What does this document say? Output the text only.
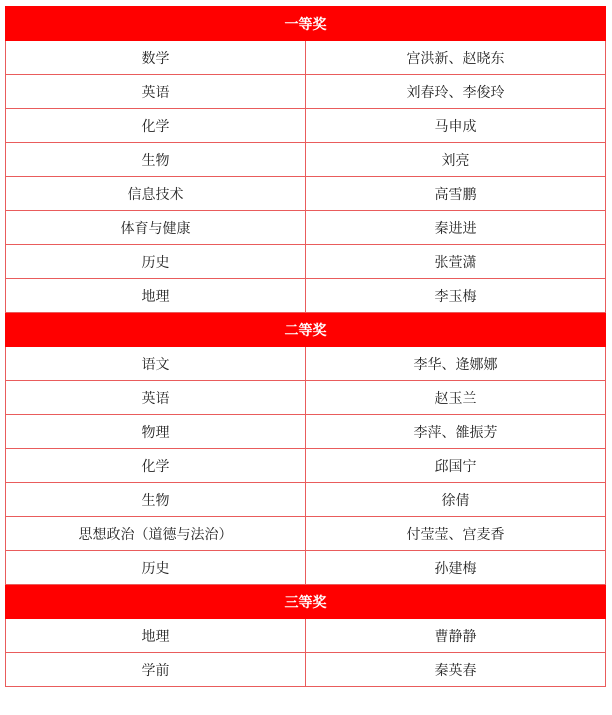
一等奖	
数学	宫洪新、赵晓东
英语	刘春玲、李俊玲
化学	马申成
生物	刘亮
信息技术	高雪鹏
体育与健康	秦进进
历史	张萱潇
地理	李玉梅
二等奖	
语文	李华、逄娜娜
英语	赵玉兰
物理	李萍、雒振芳
化学	邱国宁
生物	徐倩
思想政治（道德与法治）	付莹莹、宫麦香
历史	孙建梅
三等奖	
地理	曹静静
学前	秦英春
